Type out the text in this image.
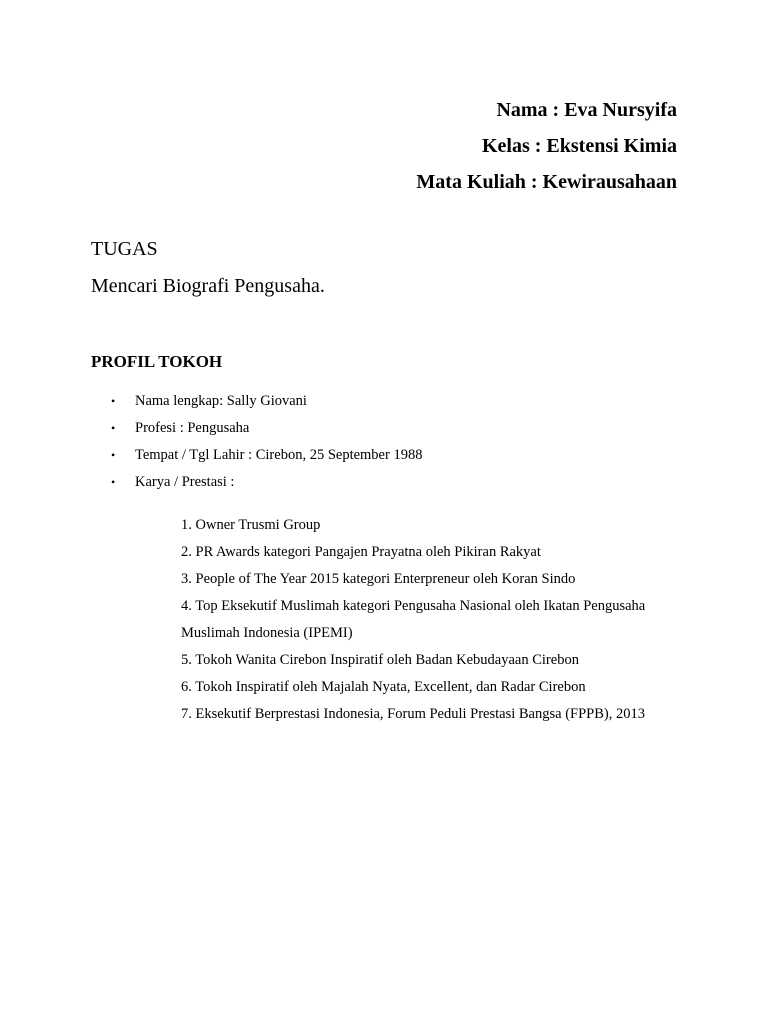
Nama : Eva Nursyifa
Kelas : Ekstensi Kimia
Mata Kuliah : Kewirausahaan
TUGAS
Mencari Biografi Pengusaha.
PROFIL TOKOH
• Nama lengkap: Sally Giovani
• Profesi : Pengusaha
• Tempat / Tgl Lahir : Cirebon, 25 September 1988
• Karya / Prestasi :
1. Owner Trusmi Group
2. PR Awards kategori Pangajen Prayatna oleh Pikiran Rakyat
3. People of The Year 2015 kategori Enterpreneur oleh Koran Sindo
4. Top Eksekutif Muslimah kategori Pengusaha Nasional oleh Ikatan Pengusaha Muslimah Indonesia (IPEMI)
5. Tokoh Wanita Cirebon Inspiratif oleh Badan Kebudayaan Cirebon
6. Tokoh Inspiratif oleh Majalah Nyata, Excellent, dan Radar Cirebon
7. Eksekutif Berprestasi Indonesia, Forum Peduli Prestasi Bangsa (FPPB), 2013
